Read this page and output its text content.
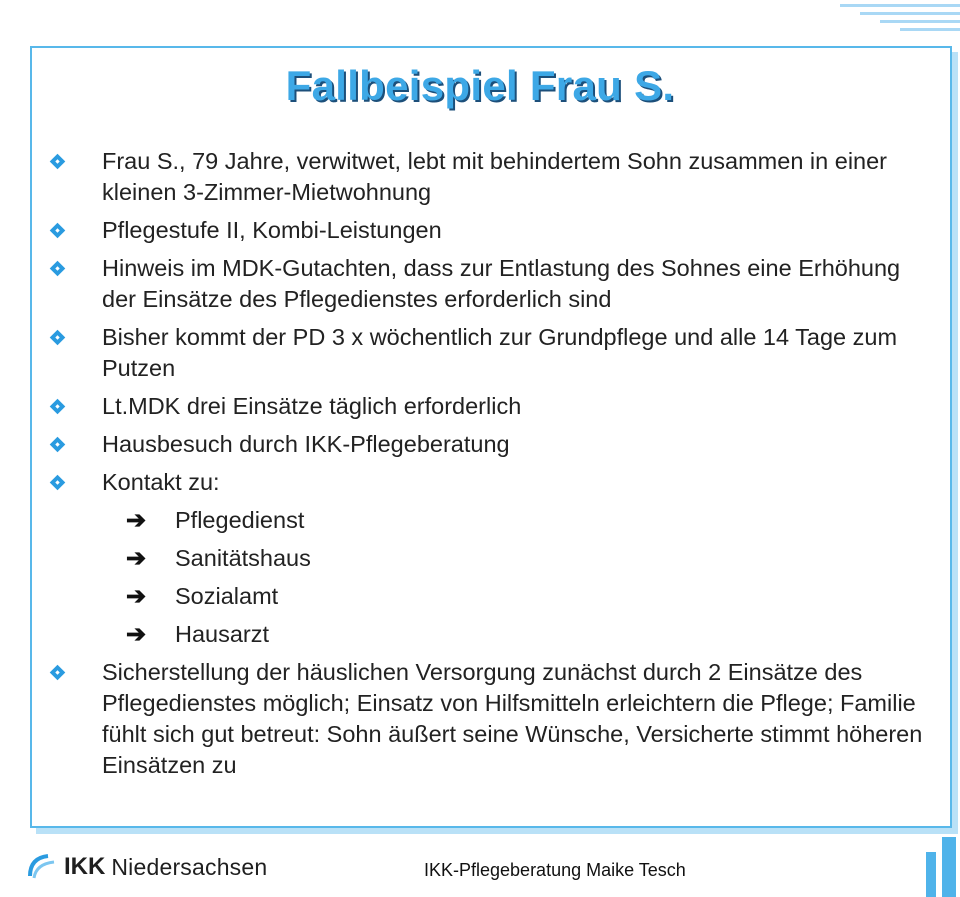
Fallbeispiel Frau S.
Frau S., 79 Jahre, verwitwet, lebt mit behindertem Sohn zusammen in einer kleinen 3-Zimmer-Mietwohnung
Pflegestufe II, Kombi-Leistungen
Hinweis im MDK-Gutachten, dass zur Entlastung des Sohnes eine Erhöhung der Einsätze des Pflegedienstes erforderlich sind
Bisher kommt der PD 3 x wöchentlich zur Grundpflege und alle 14 Tage zum Putzen
Lt.MDK drei Einsätze täglich erforderlich
Hausbesuch durch IKK-Pflegeberatung
Kontakt zu:
➔ Pflegedienst
➔ Sanitätshaus
➔ Sozialamt
➔ Hausarzt
Sicherstellung der häuslichen Versorgung zunächst durch 2 Einsätze des Pflegedienstes möglich; Einsatz von Hilfsmitteln erleichtern die Pflege; Familie fühlt sich gut betreut: Sohn äußert seine Wünsche, Versicherte stimmt höheren Einsätzen zu
IKK Niedersachsen	IKK-Pflegeberatung Maike Tesch
